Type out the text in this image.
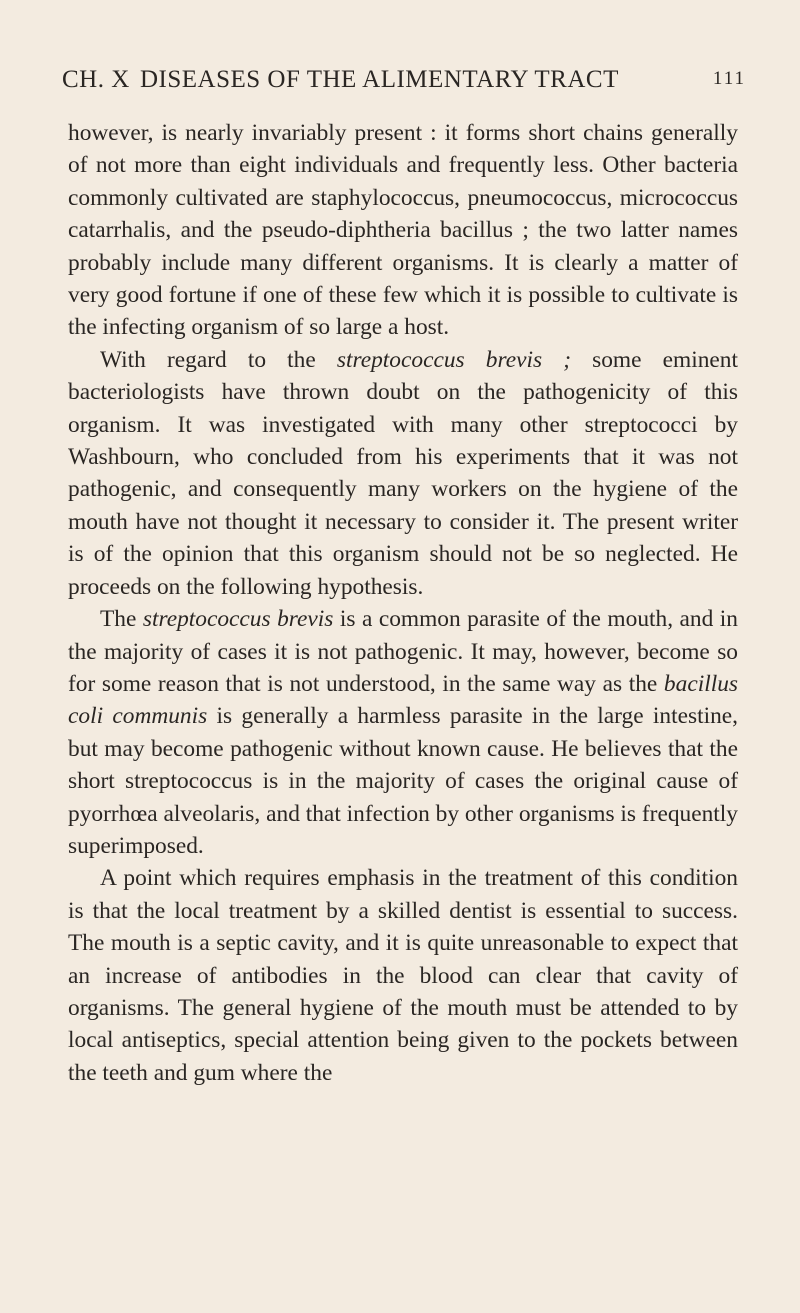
CH. X DISEASES OF THE ALIMENTARY TRACT	111

however, is nearly invariably present : it forms short chains generally of not more than eight individuals and frequently less. Other bacteria commonly cultivated are staphylococcus, pneumococcus, micrococcus catarrhalis, and the pseudo-diphtheria bacillus ; the two latter names probably include many different organisms. It is clearly a matter of very good fortune if one of these few which it is possible to cultivate is the infecting organism of so large a host.

With regard to the streptococcus brevis ; some eminent bacteriologists have thrown doubt on the pathogenicity of this organism. It was investigated with many other streptococci by Washbourn, who concluded from his experiments that it was not pathogenic, and consequently many workers on the hygiene of the mouth have not thought it necessary to consider it. The present writer is of the opinion that this organism should not be so neglected. He proceeds on the following hypothesis.

The streptococcus brevis is a common parasite of the mouth, and in the majority of cases it is not pathogenic. It may, however, become so for some reason that is not understood, in the same way as the bacillus coli communis is generally a harmless parasite in the large intestine, but may become pathogenic without known cause. He believes that the short streptococcus is in the majority of cases the original cause of pyorrhœa alveolaris, and that infection by other organisms is frequently superimposed.

A point which requires emphasis in the treatment of this condition is that the local treatment by a skilled dentist is essential to success. The mouth is a septic cavity, and it is quite unreasonable to expect that an increase of antibodies in the blood can clear that cavity of organisms. The general hygiene of the mouth must be attended to by local antiseptics, special attention being given to the pockets between the teeth and gum where the
